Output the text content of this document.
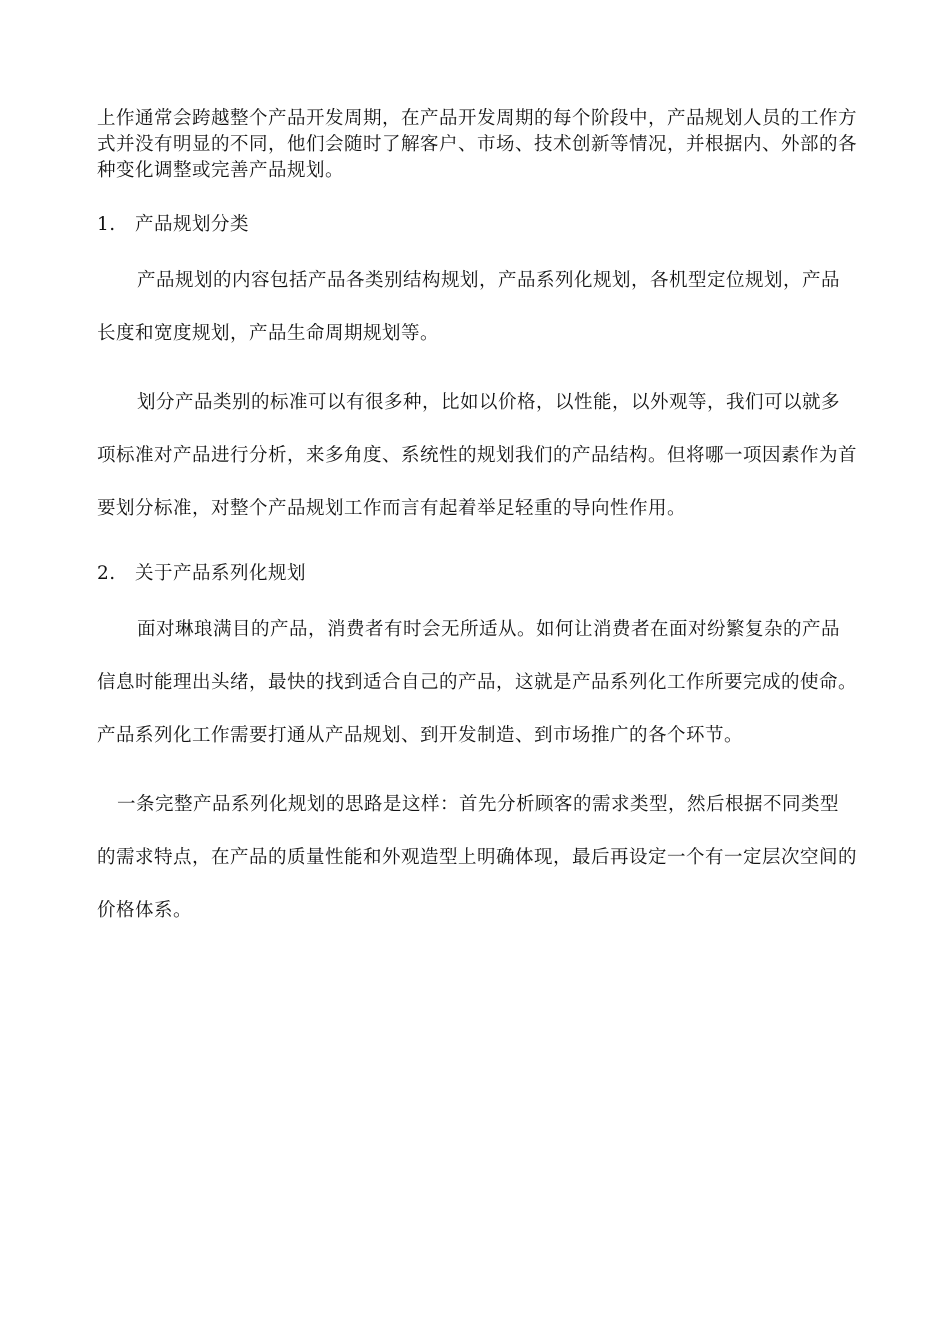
上作通常会跨越整个产品开发周期，在产品开发周期的每个阶段中，产品规划人员的工作方式并没有明显的不同，他们会随时了解客户、市场、技术创新等情况，并根据内、外部的各种变化调整或完善产品规划。

1.	产品规划分类

产品规划的内容包括产品各类别结构规划，产品系列化规划，各机型定位规划，产品长度和宽度规划，产品生命周期规划等。

划分产品类别的标准可以有很多种，比如以价格，以性能，以外观等，我们可以就多项标准对产品进行分析，来多角度、系统性的规划我们的产品结构。但将哪一项因素作为首要划分标准，对整个产品规划工作而言有起着举足轻重的导向性作用。

2.	关于产品系列化规划

面对琳琅满目的产品，消费者有时会无所适从。如何让消费者在面对纷繁复杂的产品信息时能理出头绪，最快的找到适合自己的产品，这就是产品系列化工作所要完成的使命。产品系列化工作需要打通从产品规划、到开发制造、到市场推广的各个环节。

一条完整产品系列化规划的思路是这样：首先分析顾客的需求类型，然后根据不同类型的需求特点，在产品的质量性能和外观造型上明确体现，最后再设定一个有一定层次空间的价格体系。
